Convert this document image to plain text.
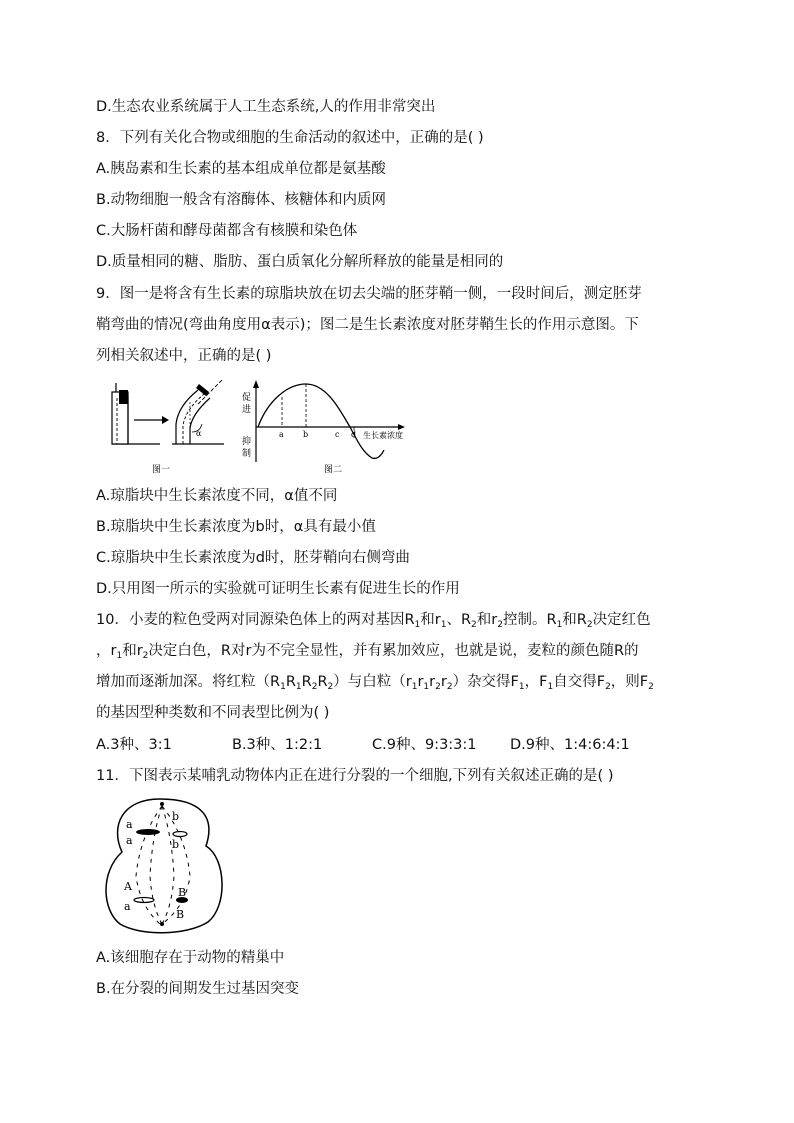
D.生态农业系统属于人工生态系统,人的作用非常突出
8．下列有关化合物或细胞的生命活动的叙述中，正确的是( )
A.胰岛素和生长素的基本组成单位都是氨基酸
B.动物细胞一般含有溶酶体、核糖体和内质网
C.大肠杆菌和酵母菌都含有核膜和染色体
D.质量相同的糖、脂肪、蛋白质氧化分解所释放的能量是相同的
9．图一是将含有生长素的琼脂块放在切去尖端的胚芽鞘一侧，一段时间后，测定胚芽
鞘弯曲的情况(弯曲角度用α表示)；图二是生长素浓度对胚芽鞘生长的作用示意图。下
列相关叙述中，正确的是( )
α
图一
促
进
抑
制
a b	c d 生长素浓度
图二
A.琼脂块中生长素浓度不同，α值不同
B.琼脂块中生长素浓度为b时，α具有最小值
C.琼脂块中生长素浓度为d时，胚芽鞘向右侧弯曲
D.只用图一所示的实验就可证明生长素有促进生长的作用
10．小麦的粒色受两对同源染色体上的两对基因$R_1$和$r_1$、$R_2$和$r_2$控制。$R_1$和$R_2$决定红色
，$r_1$和$r_2$决定白色，R对r为不完全显性，并有累加效应，也就是说，麦粒的颜色随R的
增加而逐渐加深。将红粒$(R_1R_1R_2R_2)$与白粒$(r_1r_1r_2r_2)$杂交得$F_1$，$F_1$自交得$F_2$，则$F_2$
的基因型种类数和不同表型比例为( )
A.3种、3:1	B.3种、1:2:1	C.9种、9:3:3:1 D.9种、1:4:6:4:1
11．下图表示某哺乳动物体内正在进行分裂的一个细胞,下列有关叙述正确的是( )
a
a
b
b
A
a
B
B
A.该细胞存在于动物的精巢中
B.在分裂的间期发生过基因突变
